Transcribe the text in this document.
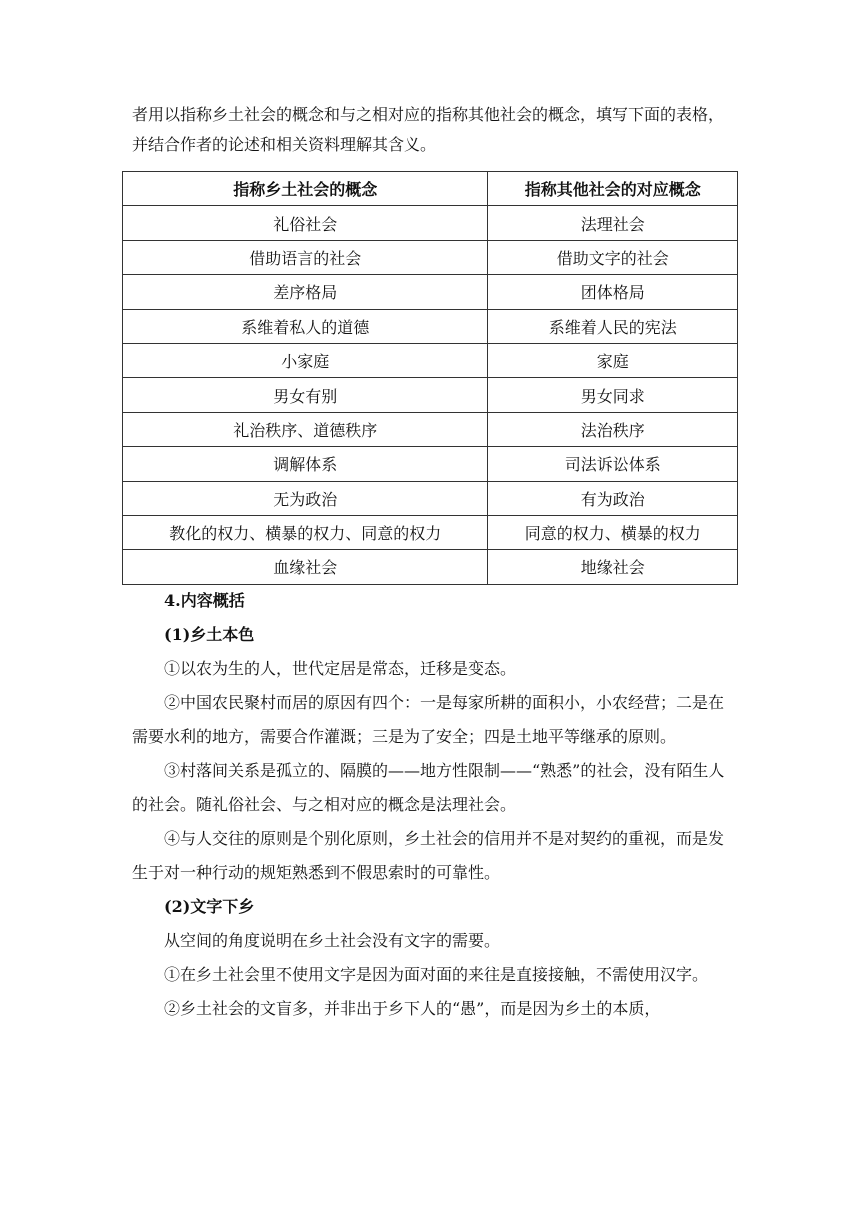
者用以指称乡土社会的概念和与之相对应的指称其他社会的概念，填写下面的表格，并结合作者的论述和相关资料理解其含义。

指称乡土社会的概念	指称其他社会的对应概念
礼俗社会	法理社会
借助语言的社会	借助文字的社会
差序格局	团体格局
系维着私人的道德	系维着人民的宪法
小家庭	家庭
男女有别	男女同求
礼治秩序、道德秩序	法治秩序
调解体系	司法诉讼体系
无为政治	有为政治
教化的权力、横暴的权力、同意的权力	同意的权力、横暴的权力
血缘社会	地缘社会

4.内容概括

(1)乡土本色

①以农为生的人，世代定居是常态，迁移是变态。

②中国农民聚村而居的原因有四个：一是每家所耕的面积小，小农经营；二是在需要水利的地方，需要合作灌溉；三是为了安全；四是土地平等继承的原则。

③村落间关系是孤立的、隔膜的——地方性限制——“熟悉”的社会，没有陌生人的社会。随礼俗社会、与之相对应的概念是法理社会。

④与人交往的原则是个别化原则，乡土社会的信用并不是对契约的重视，而是发生于对一种行动的规矩熟悉到不假思索时的可靠性。

(2)文字下乡

从空间的角度说明在乡土社会没有文字的需要。

①在乡土社会里不使用文字是因为面对面的来往是直接接触，不需使用汉字。

②乡土社会的文盲多，并非出于乡下人的“愚”，而是因为乡土的本质，
